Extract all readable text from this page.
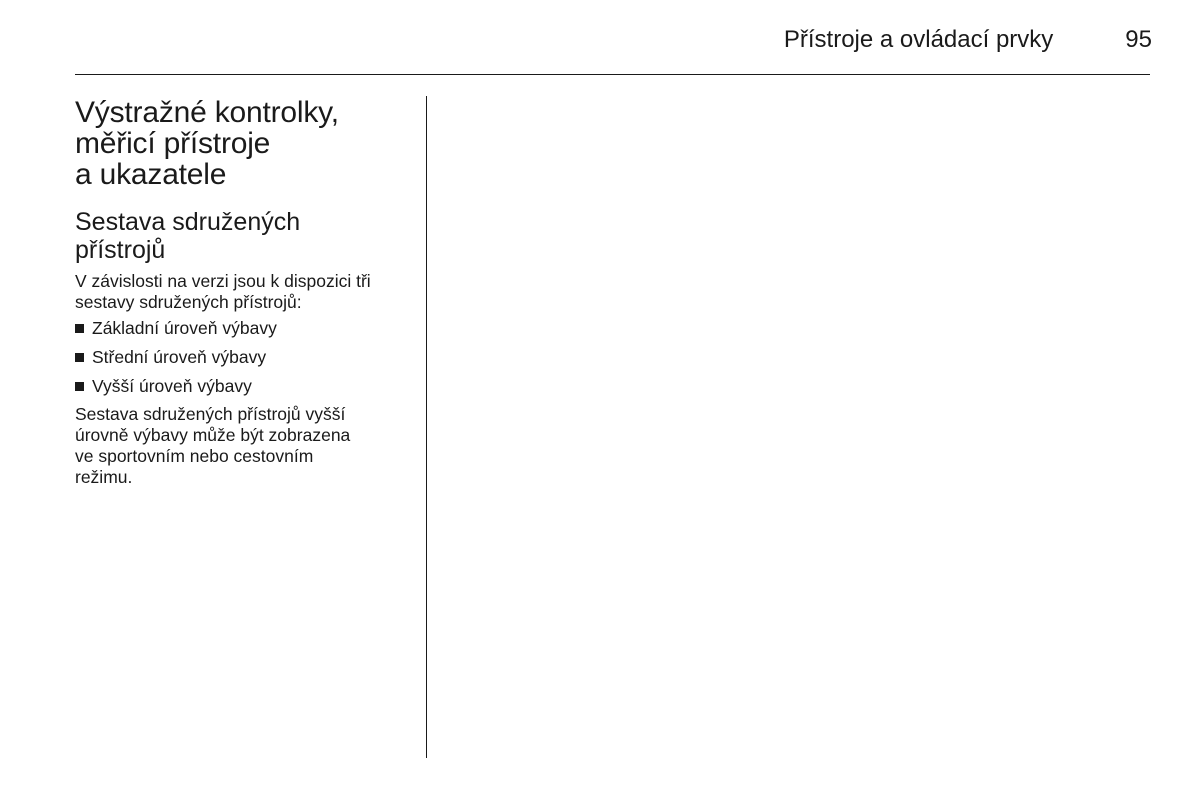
Přístroje a ovládací prvky	95
Výstražné kontrolky,
měřicí přístroje
a ukazatele
Sestava sdružených
přístrojů

V závislosti na verzi jsou k dispozici tři
sestavy sdružených přístrojů:

Základní úroveň výbavy
Střední úroveň výbavy
Vyšší úroveň výbavy

Sestava sdružených přístrojů vyšší
úrovně výbavy může být zobrazena
ve sportovním nebo cestovním
režimu.
